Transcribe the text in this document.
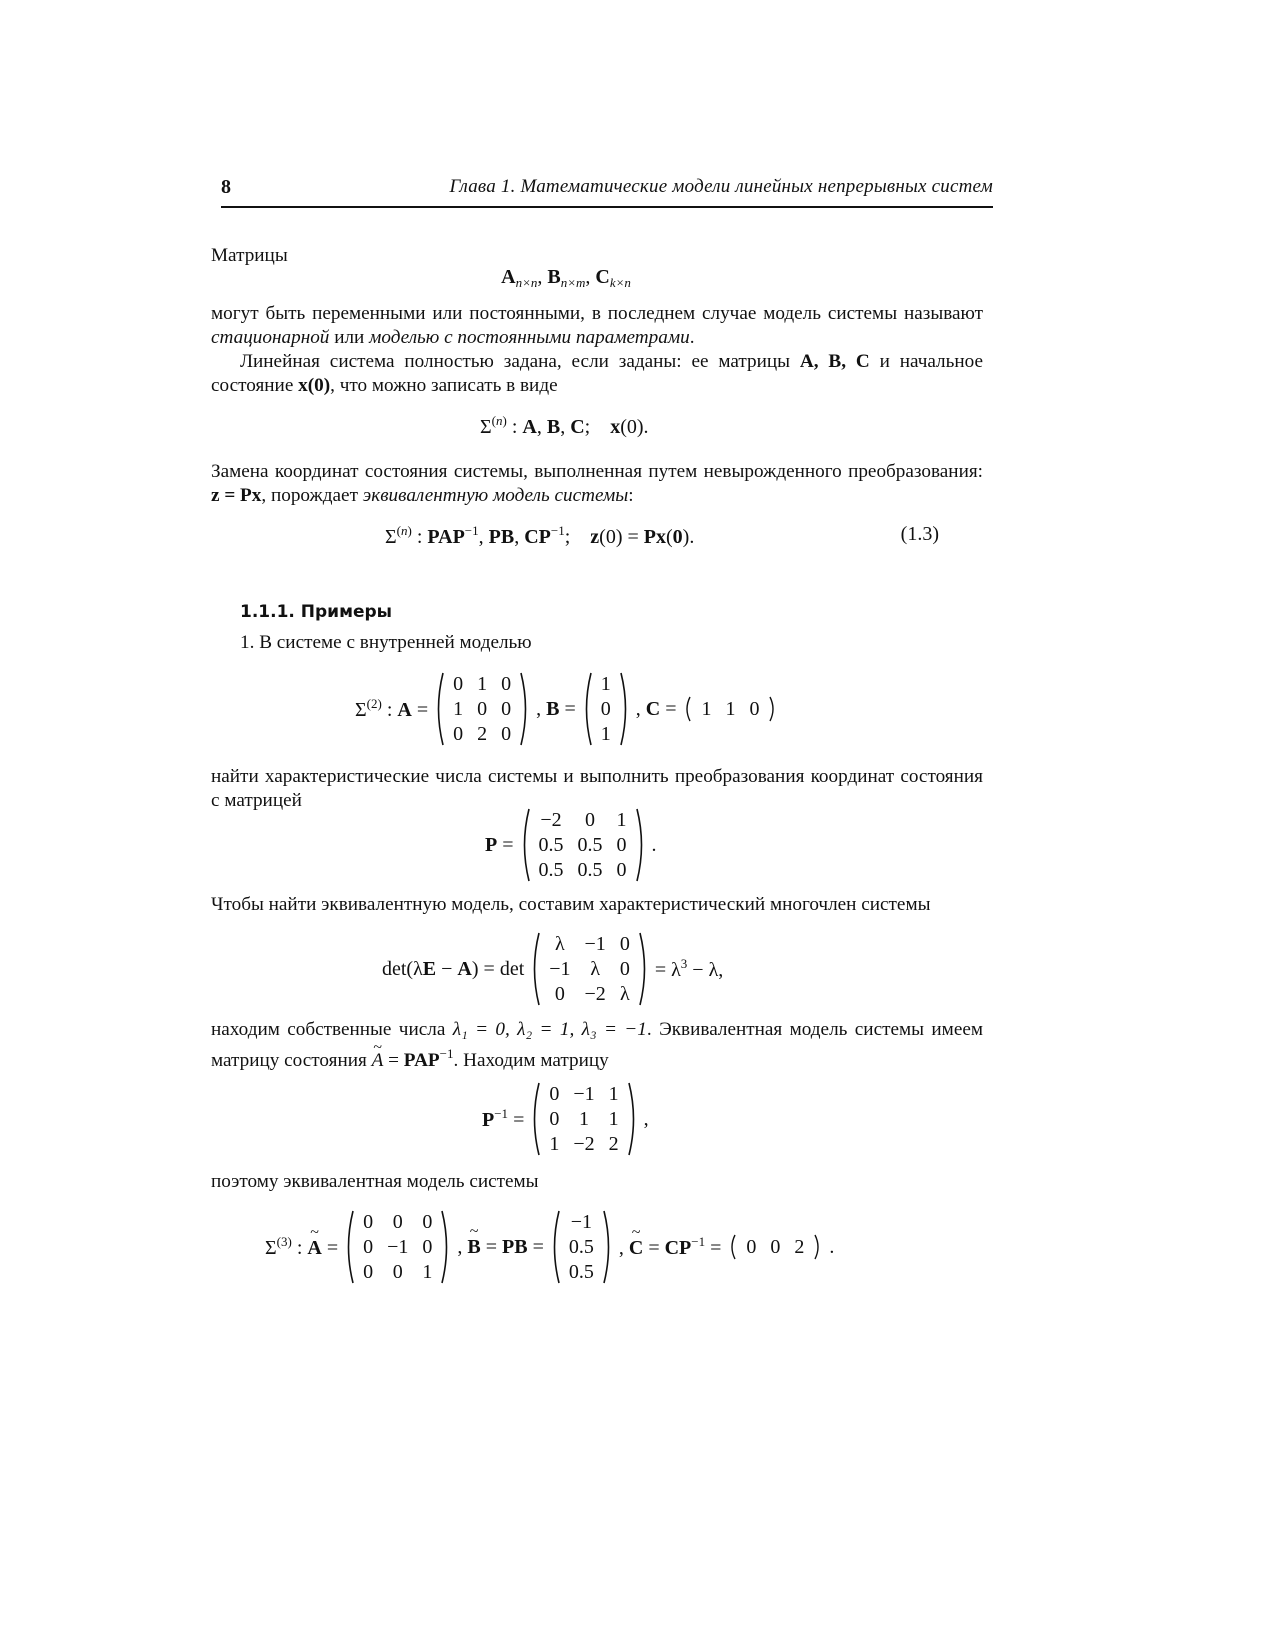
8	Глава 1. Математические модели линейных непрерывных систем
Матрицы
$A_{n\times n}$, $B_{n\times m}$, $C_{k\times n}$
могут быть переменными или постоянными, в последнем случае модель системы называют стационарной или моделью с постоянными параметрами.
Линейная система полностью задана, если заданы: ее матрицы A, B, C и начальное состояние x(0), что можно записать в виде
$\Sigma^{(n)}$ : A, B, C;    x(0).
Замена координат состояния системы, выполненная путем невырожденного преобразования: z = Px, порождает эквивалентную модель системы:
$\Sigma^{(n)}$ : $PAP^{-1}$, PB, $CP^{-1}$;    z(0) = Px(0).	(1.3)
1.1.1. Примеры
1. В системе с внутренней моделью
$\Sigma^{(2)}$ : A =
0	1	0
1	0	0
0	2	0
, B =
1
0
1
, C = 1	1	0
найти характеристические числа системы и выполнить преобразования координат состояния с матрицей
P =
−2	0	1
0.5	0.5	0
0.5	0.5	0
.
Чтобы найти эквивалентную модель, составим характеристический многочлен системы
det(λE − A) = det
λ	−1	0
−1	λ	0
0	−2	λ
= $\lambda^3 - \lambda$,
находим собственные числа λ₁ = 0, λ₂ = 1, λ₃ = −1. Эквивалентная модель системы имеем матрицу состояния ~ $A = PAP^{-1}$. Находим матрицу
$P^{-1}$ =
0	−1	1
0	1	1
1	−2	2
,
поэтому эквивалентная модель системы
$\Sigma^{(3)}$ : ~ A =
0	0	0
0	−1	0
0	0	1
, ~ B = PB =
−1
0.5
0.5
, ~ $C = CP^{-1} = 0$	0	2 .
